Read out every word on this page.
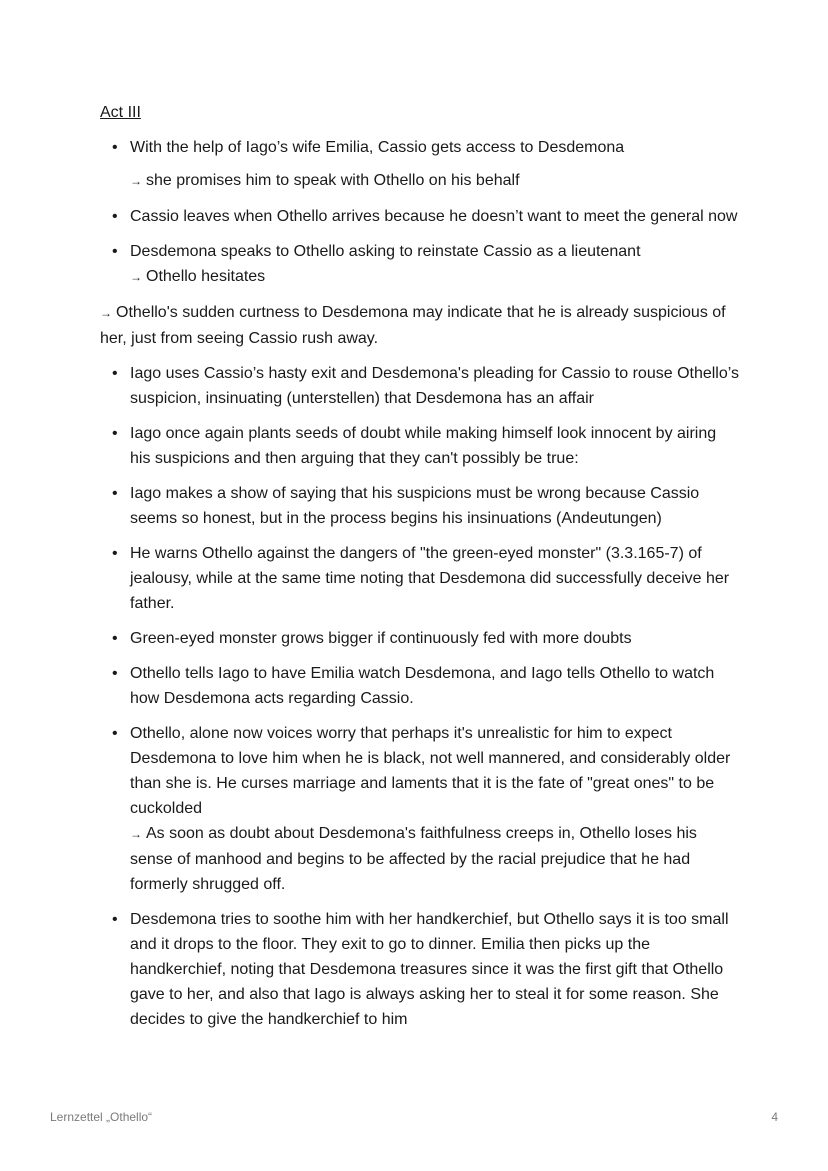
Act III
• With the help of Iago’s wife Emilia, Cassio gets access to Desdemona
→ she promises him to speak with Othello on his behalf
• Cassio leaves when Othello arrives because he doesn’t want to meet the general now
• Desdemona speaks to Othello asking to reinstate Cassio as a lieutenant
→ Othello hesitates
→ Othello's sudden curtness to Desdemona may indicate that he is already suspicious of her, just from seeing Cassio rush away.
• Iago uses Cassio’s hasty exit and Desdemona's pleading for Cassio to rouse Othello’s suspicion, insinuating (unterstellen) that Desdemona has an affair
• Iago once again plants seeds of doubt while making himself look innocent by airing his suspicions and then arguing that they can't possibly be true:
• Iago makes a show of saying that his suspicions must be wrong because Cassio seems so honest, but in the process begins his insinuations (Andeutungen)
• He warns Othello against the dangers of "the green-eyed monster" (3.3.165-7) of jealousy, while at the same time noting that Desdemona did successfully deceive her father.
• Green-eyed monster grows bigger if continuously fed with more doubts
• Othello tells Iago to have Emilia watch Desdemona, and Iago tells Othello to watch how Desdemona acts regarding Cassio.
• Othello, alone now voices worry that perhaps it's unrealistic for him to expect Desdemona to love him when he is black, not well mannered, and considerably older than she is. He curses marriage and laments that it is the fate of "great ones" to be cuckolded
→ As soon as doubt about Desdemona's faithfulness creeps in, Othello loses his sense of manhood and begins to be affected by the racial prejudice that he had formerly shrugged off.
• Desdemona tries to soothe him with her handkerchief, but Othello says it is too small and it drops to the floor. They exit to go to dinner. Emilia then picks up the handkerchief, noting that Desdemona treasures since it was the first gift that Othello gave to her, and also that Iago is always asking her to steal it for some reason. She decides to give the handkerchief to him
Lernzettel „Othello“	4
